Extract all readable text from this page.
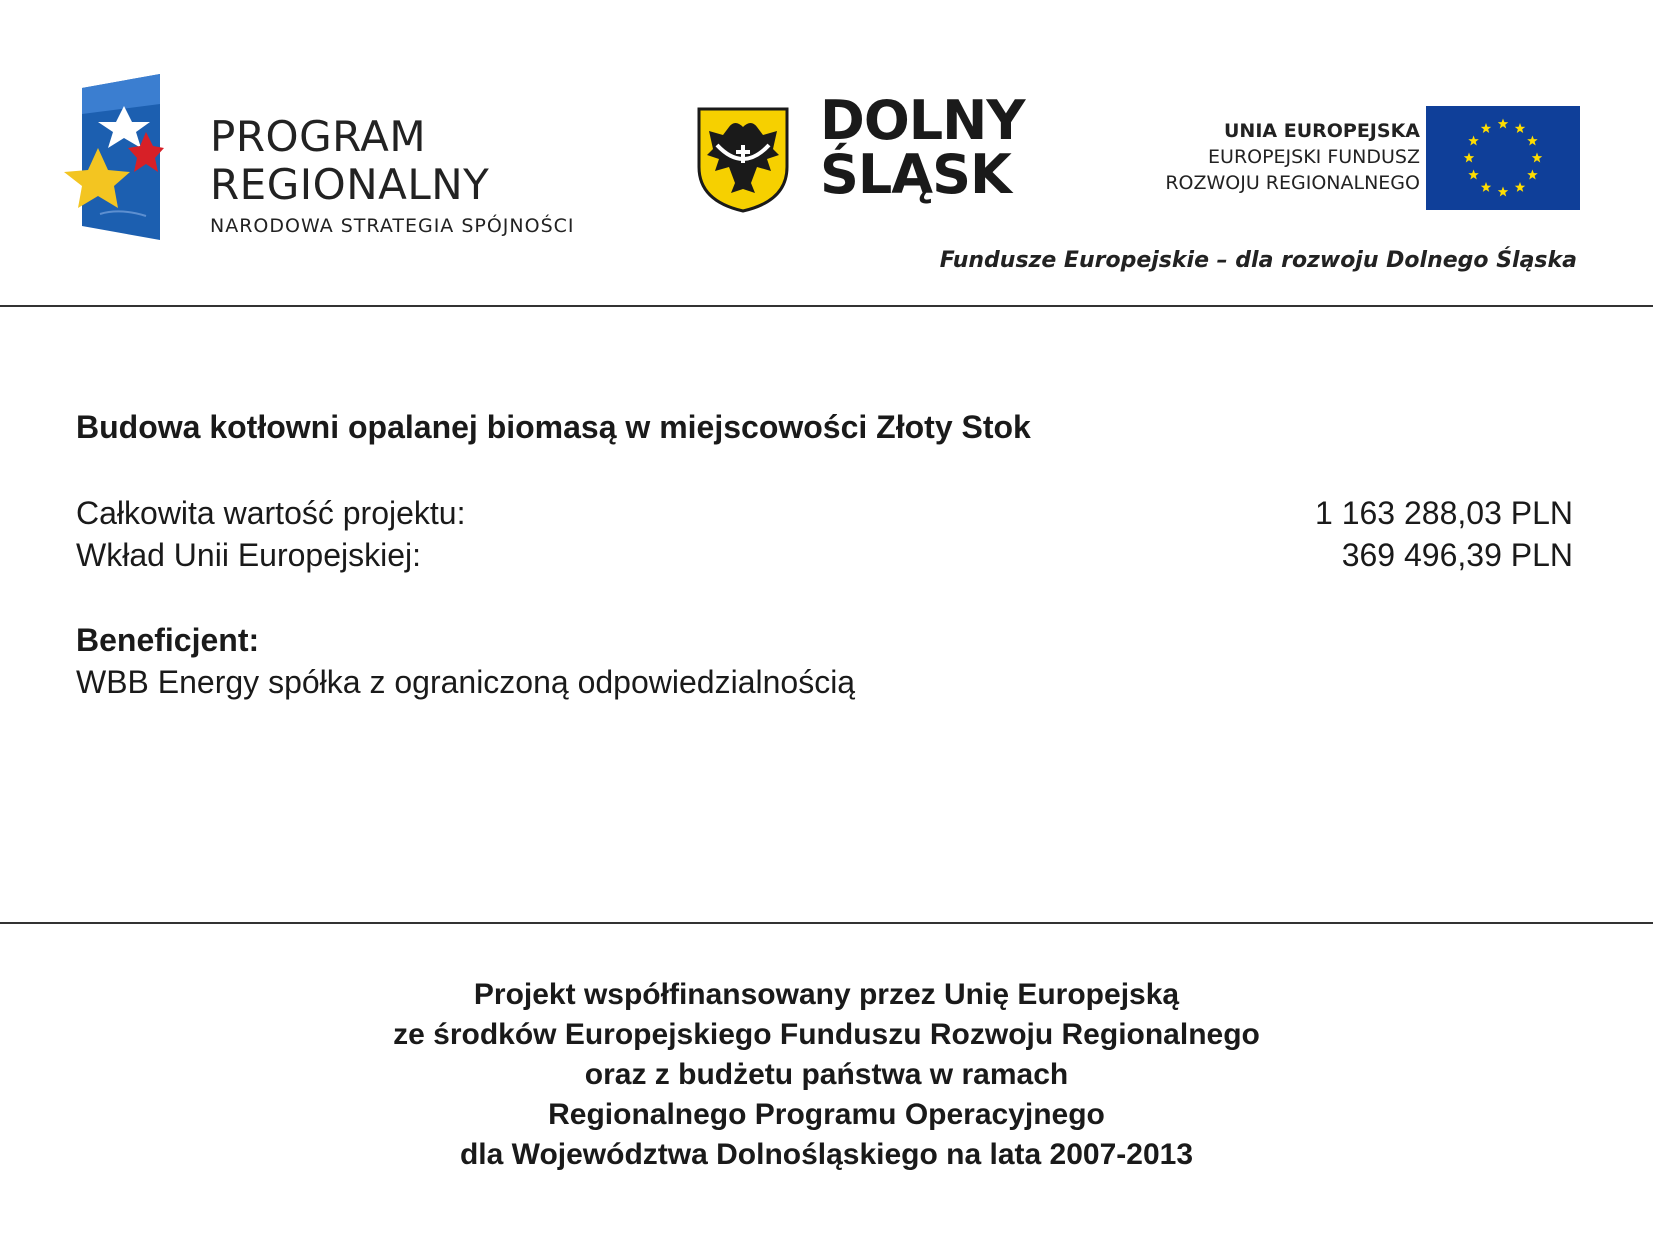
PROGRAM
REGIONALNY
NARODOWA STRATEGIA SPÓJNOŚCI
DOLNY
ŚLĄSK
UNIA EUROPEJSKA
EUROPEJSKI FUNDUSZ
ROZWOJU REGIONALNEGO
Fundusze Europejskie – dla rozwoju Dolnego Śląska
Budowa kotłowni opalanej biomasą w miejscowości Złoty Stok
Całkowita wartość projektu:	1 163 288,03 PLN
Wkład Unii Europejskiej:	369 496,39 PLN
Beneficjent:
WBB Energy spółka z ograniczoną odpowiedzialnością
Projekt współfinansowany przez Unię Europejską
ze środków Europejskiego Funduszu Rozwoju Regionalnego
oraz z budżetu państwa w ramach
Regionalnego Programu Operacyjnego
dla Województwa Dolnośląskiego na lata 2007-2013
